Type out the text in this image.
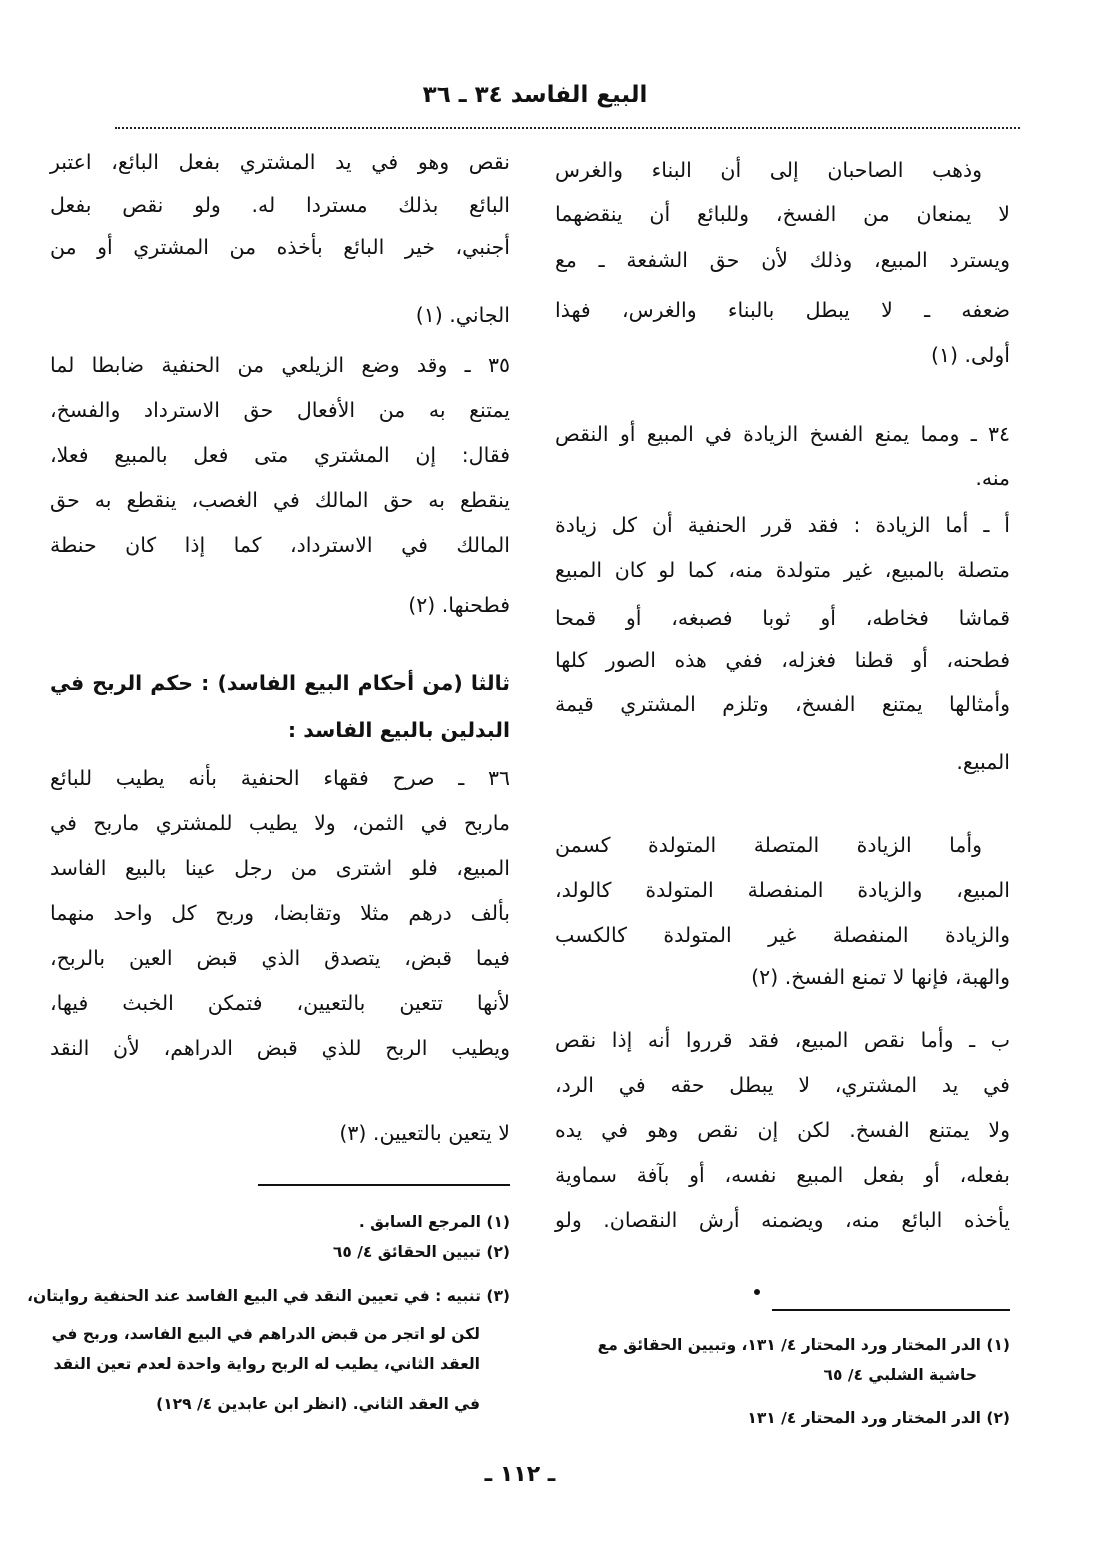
البيع الفاسد ٣٤ ـ ٣٦
وذهب الصاحبان إلى أن البناء والغرس
لا يمنعان من الفسخ، وللبائع أن ينقضهما
ويسترد المبيع، وذلك لأن حق الشفعة ـ مع
ضعفه ـ لا يبطل بالبناء والغرس، فهذا
أولى. (١)
٣٤ ـ ومما يمنع الفسخ الزيادة في المبيع أو النقص
منه.
أ ـ أما الزيادة : فقد قرر الحنفية أن كل زيادة
متصلة بالمبيع، غير متولدة منه، كما لو كان المبيع
قماشا فخاطه، أو ثوبا فصبغه، أو قمحا
فطحنه، أو قطنا فغزله، ففي هذه الصور كلها
وأمثالها يمتنع الفسخ، وتلزم المشتري قيمة
المبيع.
وأما الزيادة المتصلة المتولدة كسمن
المبيع، والزيادة المنفصلة المتولدة كالولد،
والزيادة المنفصلة غير المتولدة كالكسب
والهبة، فإنها لا تمنع الفسخ. (٢)
ب ـ وأما نقص المبيع، فقد قرروا أنه إذا نقص
في يد المشتري، لا يبطل حقه في الرد،
ولا يمتنع الفسخ. لكن إن نقص وهو في يده
بفعله، أو بفعل المبيع نفسه، أو بآفة سماوية
يأخذه البائع منه، ويضمنه أرش النقصان. ولو
(١) الدر المختار ورد المحتار ٤/ ١٣١، وتبيين الحقائق مع
حاشية الشلبي ٤/ ٦٥
(٢) الدر المختار ورد المحتار ٤/ ١٣١
نقص وهو في يد المشتري بفعل البائع، اعتبر
البائع بذلك مستردا له. ولو نقص بفعل
أجنبي، خير البائع بأخذه من المشتري أو من
الجاني. (١)
٣٥ ـ وقد وضع الزيلعي من الحنفية ضابطا لما
يمتنع به من الأفعال حق الاسترداد والفسخ،
فقال: إن المشتري متى فعل بالمبيع فعلا،
ينقطع به حق المالك في الغصب، ينقطع به حق
المالك في الاسترداد، كما إذا كان حنطة
فطحنها. (٢)
ثالثا (من أحكام البيع الفاسد) : حكم الربح في
البدلين بالبيع الفاسد :
٣٦ ـ صرح فقهاء الحنفية بأنه يطيب للبائع
ماربح في الثمن، ولا يطيب للمشتري ماربح في
المبيع، فلو اشترى من رجل عينا بالبيع الفاسد
بألف درهم مثلا وتقابضا، وربح كل واحد منهما
فيما قبض، يتصدق الذي قبض العين بالربح،
لأنها تتعين بالتعيين، فتمكن الخبث فيها،
ويطيب الربح للذي قبض الدراهم، لأن النقد
لا يتعين بالتعيين. (٣)
(١) المرجع السابق .
(٢) تبيين الحقائق ٤/ ٦٥
(٣) تنبيه : في تعيين النقد في البيع الفاسد عند الحنفية روايتان،
لكن لو اتجر من قبض الدراهم في البيع الفاسد، وربح في
العقد الثاني، يطيب له الربح رواية واحدة لعدم تعين النقد
في العقد الثاني. (انظر ابن عابدين ٤/ ١٢٩)
ـ ١١٢ ـ
